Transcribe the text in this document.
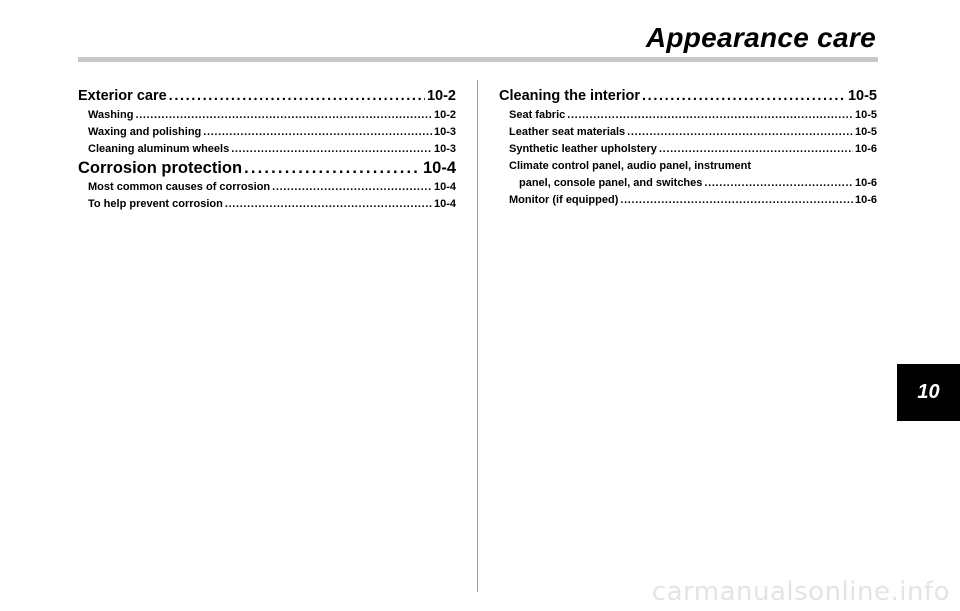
Appearance care
Exterior care . . .	10-2
Washing . . .	10-2
Waxing and polishing . . .	10-3
Cleaning aluminum wheels . . .	10-3
Corrosion protection . . .	10-4
Most common causes of corrosion . . .	10-4
To help prevent corrosion . . .	10-4
Cleaning the interior . . .	10-5
Seat fabric . . .	10-5
Leather seat materials . . .	10-5
Synthetic leather upholstery . . .	10-6
Climate control panel, audio panel, instrument
panel, console panel, and switches . . .	10-6
Monitor (if equipped) . . .	10-6
10
carmanualsonline.info
